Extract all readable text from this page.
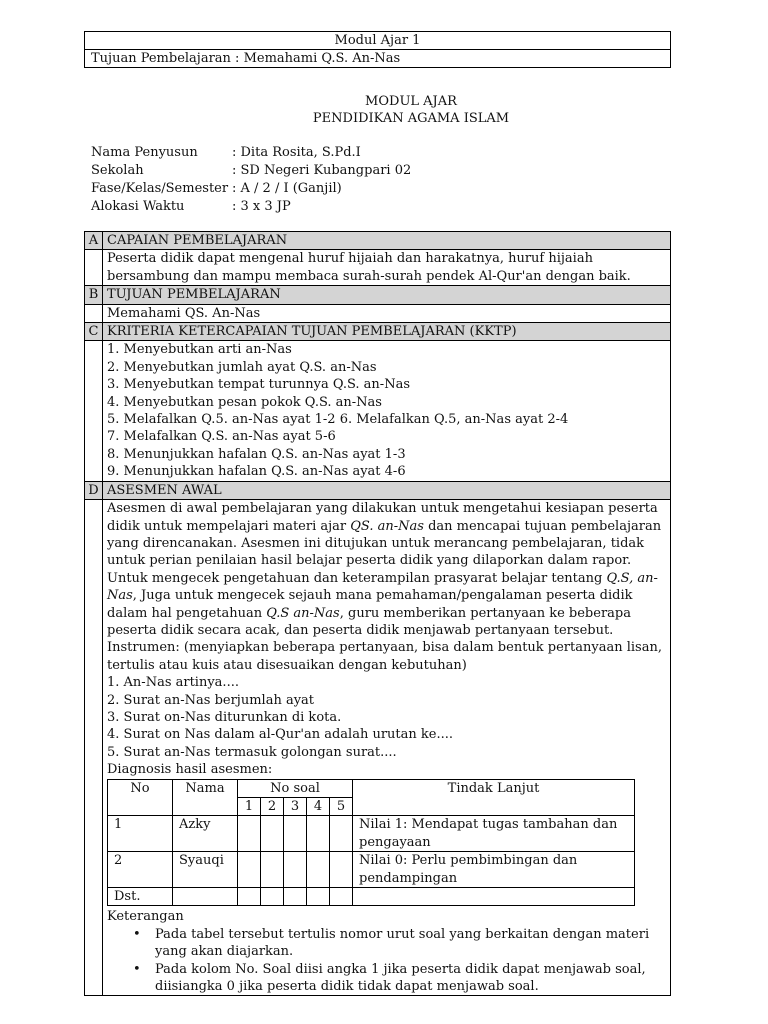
Modul Ajar 1
Tujuan Pembelajaran : Memahami Q.S. An-Nas
MODUL AJAR
PENDIDIKAN AGAMA ISLAM
Nama Penyusun	: Dita Rosita, S.Pd.I
Sekolah	: SD Negeri Kubangpari 02
Fase/Kelas/Semester : A / 2 / I (Ganjil)
Alokasi Waktu	: 3 x 3 JP
A	CAPAIAN PEMBELAJARAN
	Peserta didik dapat mengenal huruf hijaiah dan harakatnya, huruf hijaiah bersambung dan mampu membaca surah-surah pendek Al-Qur'an dengan baik.
B	TUJUAN PEMBELAJARAN
	Memahami QS. An-Nas
C	KRITERIA KETERCAPAIAN TUJUAN PEMBELAJARAN (KKTP)

1. Menyebutkan arti an-Nas
2. Menyebutkan jumlah ayat Q.S. an-Nas
3. Menyebutkan tempat turunnya Q.S. an-Nas
4. Menyebutkan pesan pokok Q.S. an-Nas
5. Melafalkan Q.5. an-Nas ayat 1-2 6. Melafalkan Q.5, an-Nas ayat 2-4
7. Melafalkan Q.S. an-Nas ayat 5-6
8. Menunjukkan hafalan Q.S. an-Nas ayat 1-3
9. Menunjukkan hafalan Q.S. an-Nas ayat 4-6

D	ASESMEN AWAL

Asesmen di awal pembelajaran yang dilakukan untuk mengetahui kesiapan peserta didik untuk mempelajari materi ajar QS. an-Nas dan mencapai tujuan pembelajaran yang direncanakan. Asesmen ini ditujukan untuk merancang pembelajaran, tidak untuk perian penilaian hasil belajar peserta didik yang dilaporkan dalam rapor. Untuk mengecek pengetahuan dan keterampilan prasyarat belajar tentang Q.S, an-Nas, Juga untuk mengecek sejauh mana pemahaman/pengalaman peserta didik dalam hal pengetahuan Q.S an-Nas, guru memberikan pertanyaan ke beberapa peserta didik secara acak, dan peserta didik menjawab pertanyaan tersebut.

Instrumen: (menyiapkan beberapa pertanyaan, bisa dalam bentuk pertanyaan lisan, tertulis atau kuis atau disesuaikan dengan kebutuhan)

1. An-Nas artinya....
2. Surat an-Nas berjumlah ayat
3. Surat on-Nas diturunkan di kota.
4. Surat on Nas dalam al-Qur'an adalah urutan ke....
5. Surat an-Nas termasuk golongan surat....
Diagnosis hasil asesmen:
No	Nama	No soal	Tindak Lanjut
1	2	3	4	5
1	Azky						Nilai 1: Mendapat tugas tambahan dan pengayaan
2	Syauqi						Nilai 0: Perlu pembimbingan dan pendampingan
Dst.							
Keterangan
• Pada tabel tersebut tertulis nomor urut soal yang berkaitan dengan materi yang akan diajarkan.
• Pada kolom No. Soal diisi angka 1 jika peserta didik dapat menjawab soal, diisiangka 0 jika peserta didik tidak dapat menjawab soal.
